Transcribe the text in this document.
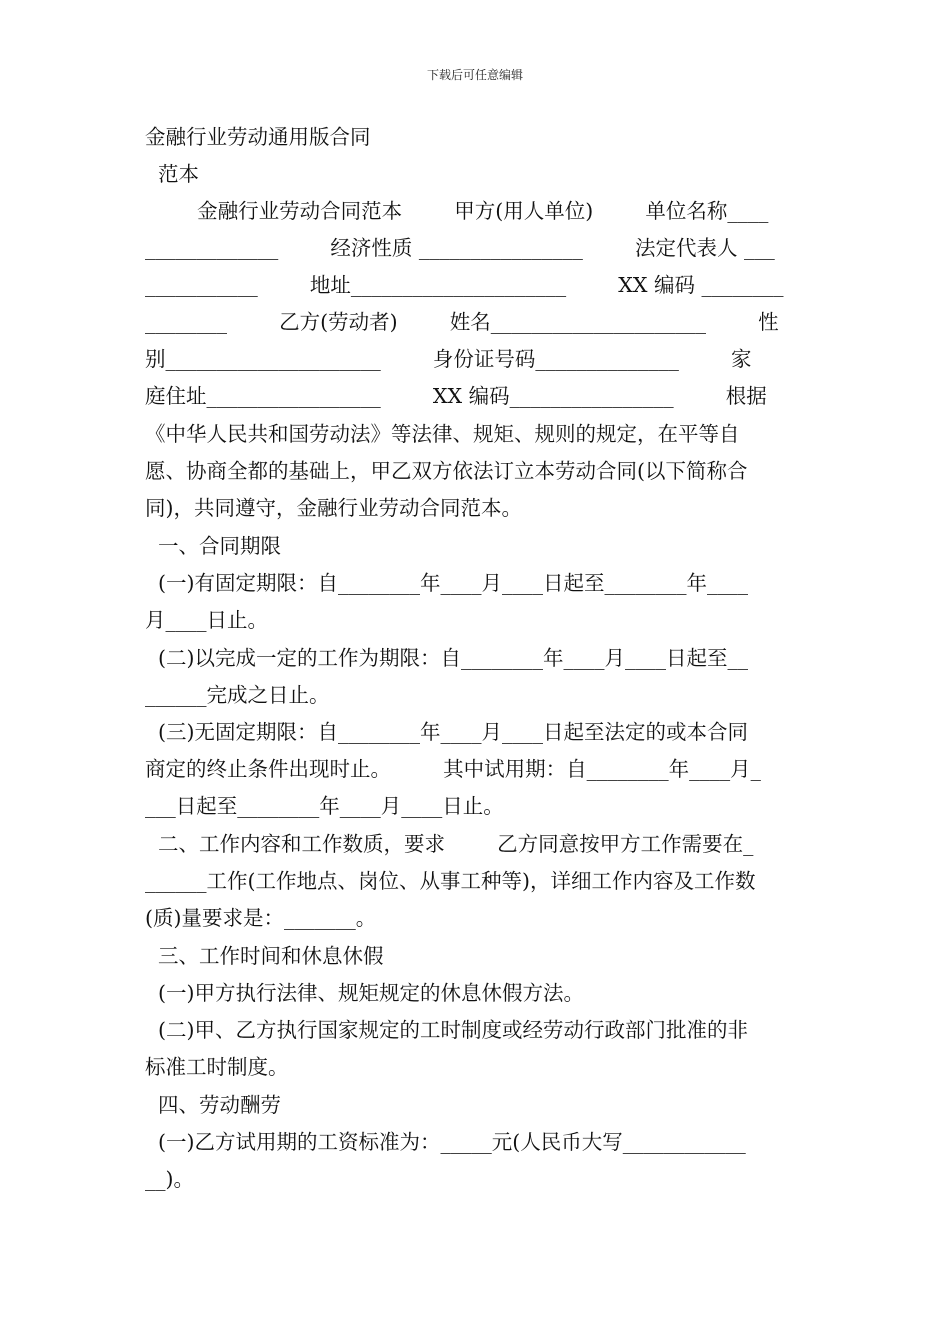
下载后可任意编辑
金融行业劳动通用版合同
范本
金融行业劳动合同范本        甲方(用人单位)        单位名称____
_____________        经济性质 ________________        法定代表人 ___
___________        地址_____________________        XX 编码 ________
________        乙方(劳动者)        姓名_____________________        性
别_____________________        身份证号码______________        家
庭住址_________________        XX 编码________________        根据
《中华人民共和国劳动法》等法律、规矩、规则的规定，在平等自
愿、协商全都的基础上，甲乙双方依法订立本劳动合同(以下简称合
同)，共同遵守，金融行业劳动合同范本。
一、合同期限
(一)有固定期限：自________年____月____日起至________年____
月____日止。
(二)以完成一定的工作为期限：自________年____月____日起至__
______完成之日止。
(三)无固定期限：自________年____月____日起至法定的或本合同
商定的终止条件出现时止。        其中试用期：自________年____月_
___日起至________年____月____日止。
二、工作内容和工作数质，要求        乙方同意按甲方工作需要在_
______工作(工作地点、岗位、从事工种等)，详细工作内容及工作数
(质)量要求是：_______。
三、工作时间和休息休假
(一)甲方执行法律、规矩规定的休息休假方法。
(二)甲、乙方执行国家规定的工时制度或经劳动行政部门批准的非
标准工时制度。
四、劳动酬劳
(一)乙方试用期的工资标准为：_____元(人民币大写____________
__)。
